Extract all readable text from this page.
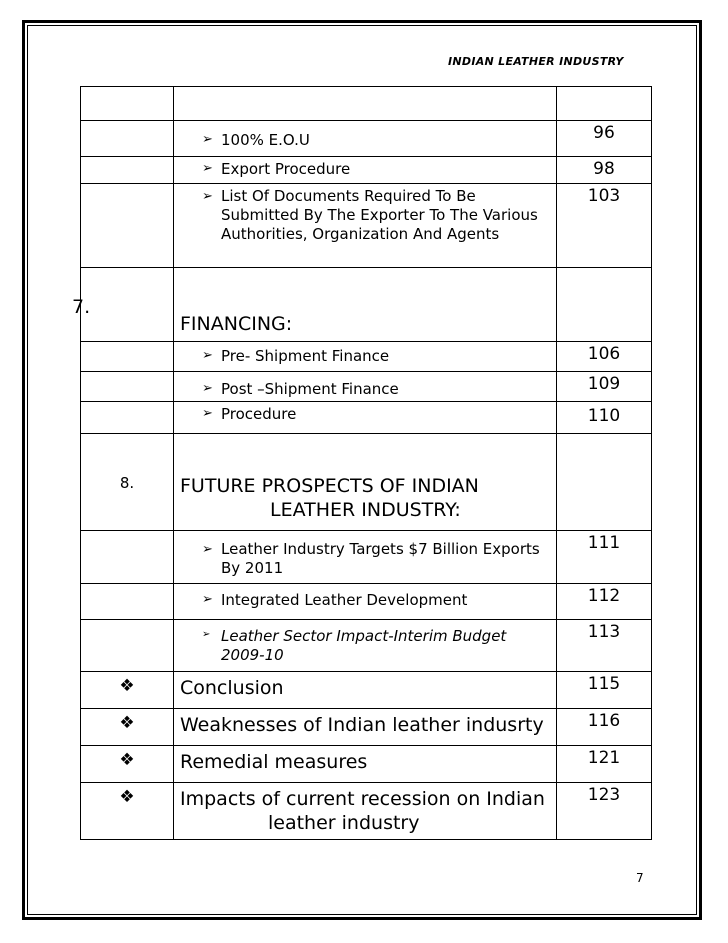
INDIAN LEATHER INDUSTRY

➢ 100% E.O.U	96

➢ Export Procedure	98

➢ List Of Documents Required To Be Submitted By The Exporter To The Various Authorities, Organization And Agents	103
7.	FINANCING:	

➢ Pre- Shipment Finance	106

➢ Post –Shipment Finance	109

➢ Procedure	110
8.	FUTURE PROSPECTS OF INDIAN
LEATHER INDUSTRY:

➢ Leather Industry Targets $7 Billion Exports By 2011	111

➢ Integrated Leather Development	112

➢ Leather Sector Impact-Interim Budget 2009-10	113
❖	Conclusion	115
❖	Weaknesses of Indian leather indusrty	116
❖	Remedial measures	121
❖	Impacts of current recession on Indian
leather industry	123
7
